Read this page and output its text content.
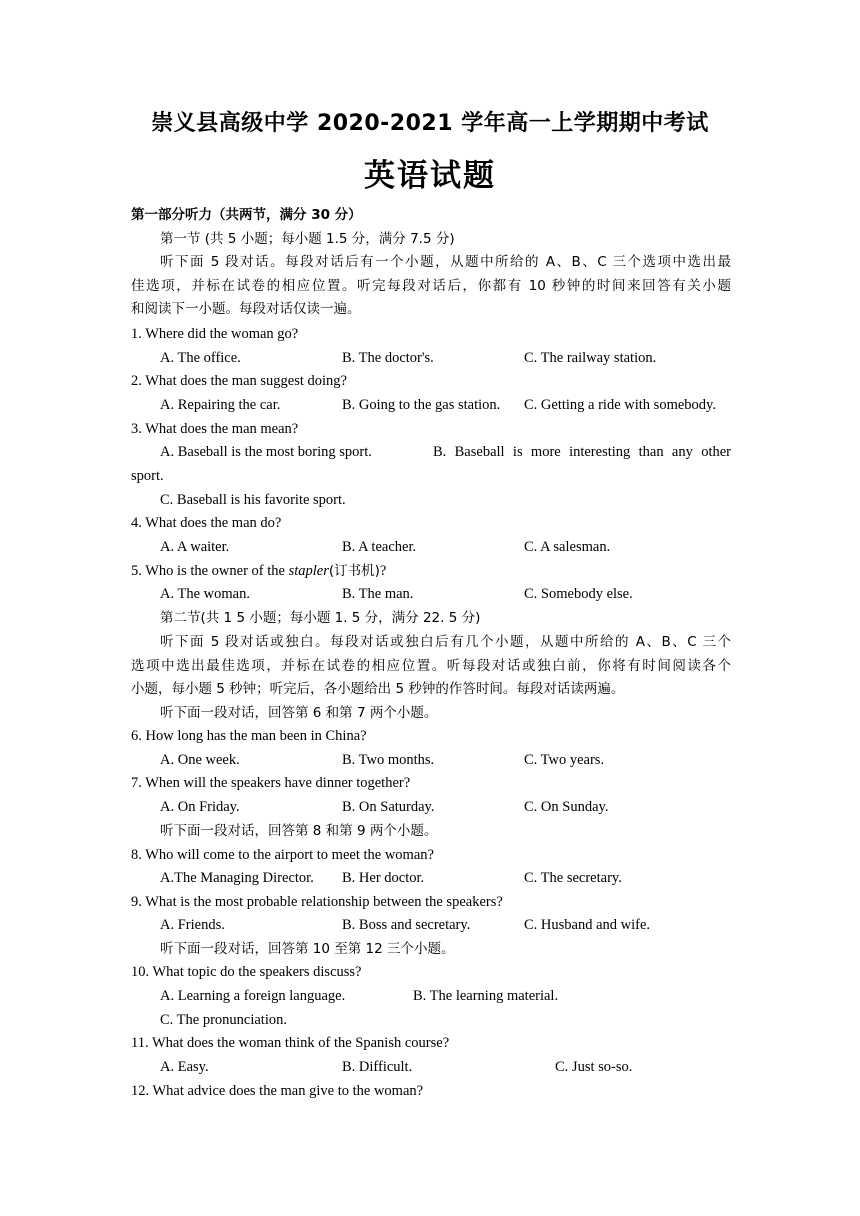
崇义县高级中学 2020-2021 学年高一上学期期中考试
英语试题
第一部分听力（共两节，满分 30 分）
第一节 (共 5 小题；每小题 1.5 分，满分 7.5 分)
听下面 5 段对话。每段对话后有一个小题，从题中所给的 A、B、C 三个选项中选出最
佳选项，并标在试卷的相应位置。听完每段对话后，你都有 10 秒钟的时间来回答有关小题
和阅读下一小题。每段对话仅读一遍。
1. Where did the woman go?
A. The office.	B. The doctor's.	C. The railway station.
2. What does the man suggest doing?
A. Repairing the car.	B. Going to the gas station. C. Getting a ride with somebody.
3. What does the man mean?
A. Baseball is the most boring sport.	B. Baseball is more interesting than any other
sport.
C. Baseball is his favorite sport.
4. What does the man do?
A. A waiter.	B. A teacher.	C. A salesman.
5. Who is the owner of the stapler(订书机)?
A. The woman.	B. The man.	C. Somebody else.
第二节(共 1 5 小题；每小题 1. 5 分，满分 22. 5 分)
听下面 5 段对话或独白。每段对话或独白后有几个小题，从题中所给的 A、B、C 三个
选项中选出最佳选项，并标在试卷的相应位置。听每段对话或独白前，你将有时间阅读各个
小题，每小题 5 秒钟；听完后，各小题给出 5 秒钟的作答时间。每段对话读两遍。
听下面一段对话，回答第 6 和第 7 两个小题。
6. How long has the man been in China?
A. One week.	B. Two months.	C. Two years.
7. When will the speakers have dinner together?
A. On Friday.	B. On Saturday.	C. On Sunday.
听下面一段对话，回答第 8 和第 9 两个小题。
8. Who will come to the airport to meet the woman?
A.The Managing Director. B. Her doctor.	C. The secretary.
9. What is the most probable relationship between the speakers?
A. Friends.	B. Boss and secretary.	C. Husband and wife.
听下面一段对话，回答第 10 至第 12 三个小题。
10. What topic do the speakers discuss?
A. Learning a foreign language.	B. The learning material.
C. The pronunciation.
11. What does the woman think of the Spanish course?
A. Easy.	B. Difficult.	C. Just so-so.
12. What advice does the man give to the woman?
